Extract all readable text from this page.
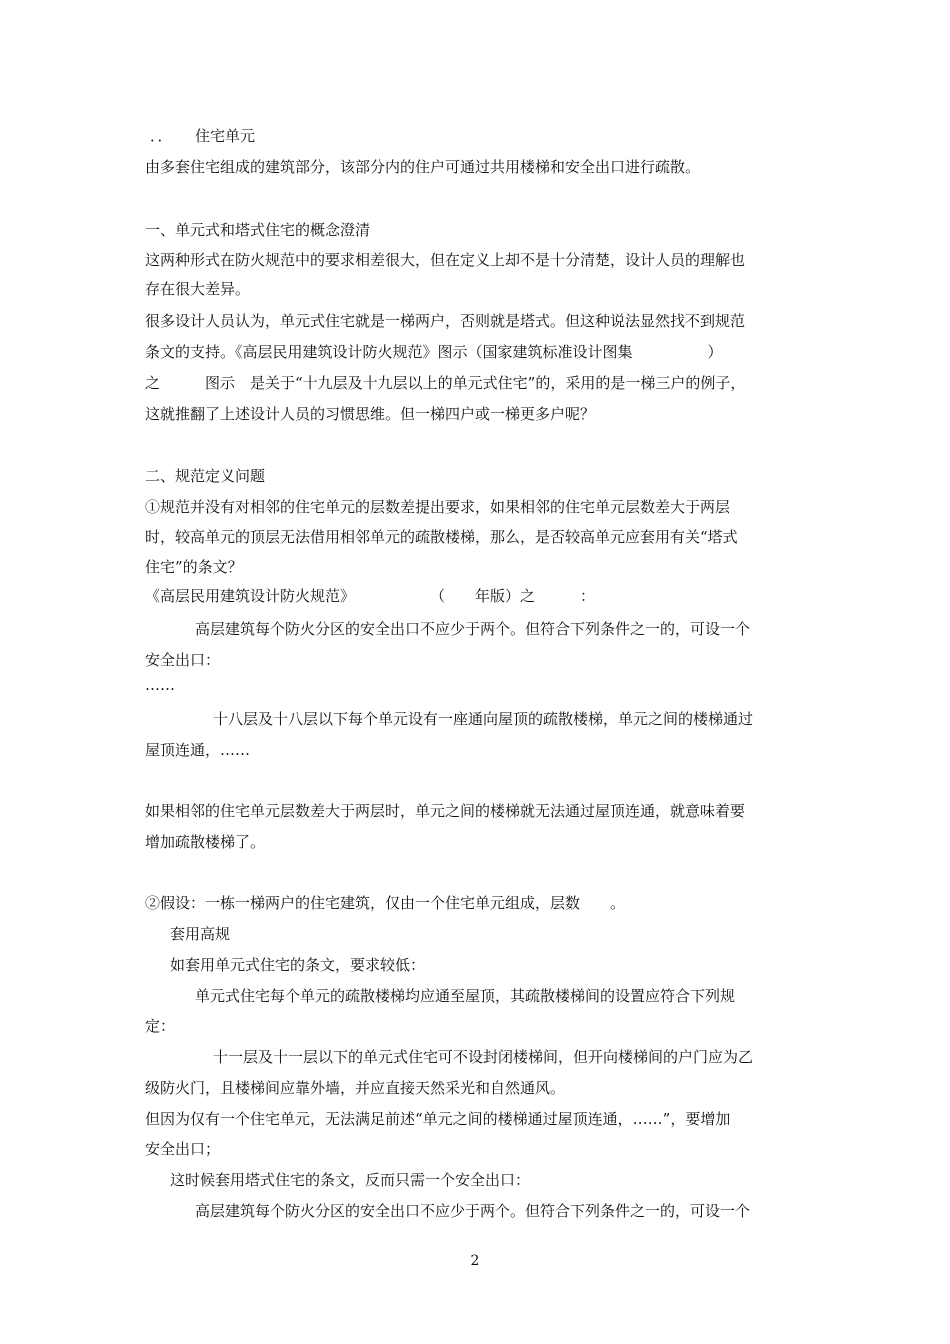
．．　　住宅单元
由多套住宅组成的建筑部分，该部分内的住户可通过共用楼梯和安全出口进行疏散。
一、单元式和塔式住宅的概念澄清
这两种形式在防火规范中的要求相差很大，但在定义上却不是十分清楚，设计人员的理解也
存在很大差异。
很多设计人员认为，单元式住宅就是一梯两户，否则就是塔式。但这种说法显然找不到规范
条文的支持。《高层民用建筑设计防火规范》图示（国家建筑标准设计图集　　　　　）
之　　　图示　是关于“十九层及十九层以上的单元式住宅”的，采用的是一梯三户的例子，
这就推翻了上述设计人员的习惯思维。但一梯四户或一梯更多户呢？
二、规范定义问题
①规范并没有对相邻的住宅单元的层数差提出要求，如果相邻的住宅单元层数差大于两层
时，较高单元的顶层无法借用相邻单元的疏散楼梯，那么，是否较高单元应套用有关“塔式
住宅”的条文？
《高层民用建筑设计防火规范》　　　　　　（　　年版）之　　　：
高层建筑每个防火分区的安全出口不应少于两个。但符合下列条件之一的，可设一个
安全出口：
……
十八层及十八层以下每个单元设有一座通向屋顶的疏散楼梯，单元之间的楼梯通过
屋顶连通，……
如果相邻的住宅单元层数差大于两层时，单元之间的楼梯就无法通过屋顶连通，就意味着要
增加疏散楼梯了。
②假设：一栋一梯两户的住宅建筑，仅由一个住宅单元组成，层数　　。
套用高规
如套用单元式住宅的条文，要求较低：
单元式住宅每个单元的疏散楼梯均应通至屋顶，其疏散楼梯间的设置应符合下列规
定：
十一层及十一层以下的单元式住宅可不设封闭楼梯间，但开向楼梯间的户门应为乙
级防火门，且楼梯间应靠外墙，并应直接天然采光和自然通风。
但因为仅有一个住宅单元，无法满足前述“单元之间的楼梯通过屋顶连通，……”，要增加
安全出口；
这时候套用塔式住宅的条文，反而只需一个安全出口：
高层建筑每个防火分区的安全出口不应少于两个。但符合下列条件之一的，可设一个
2
